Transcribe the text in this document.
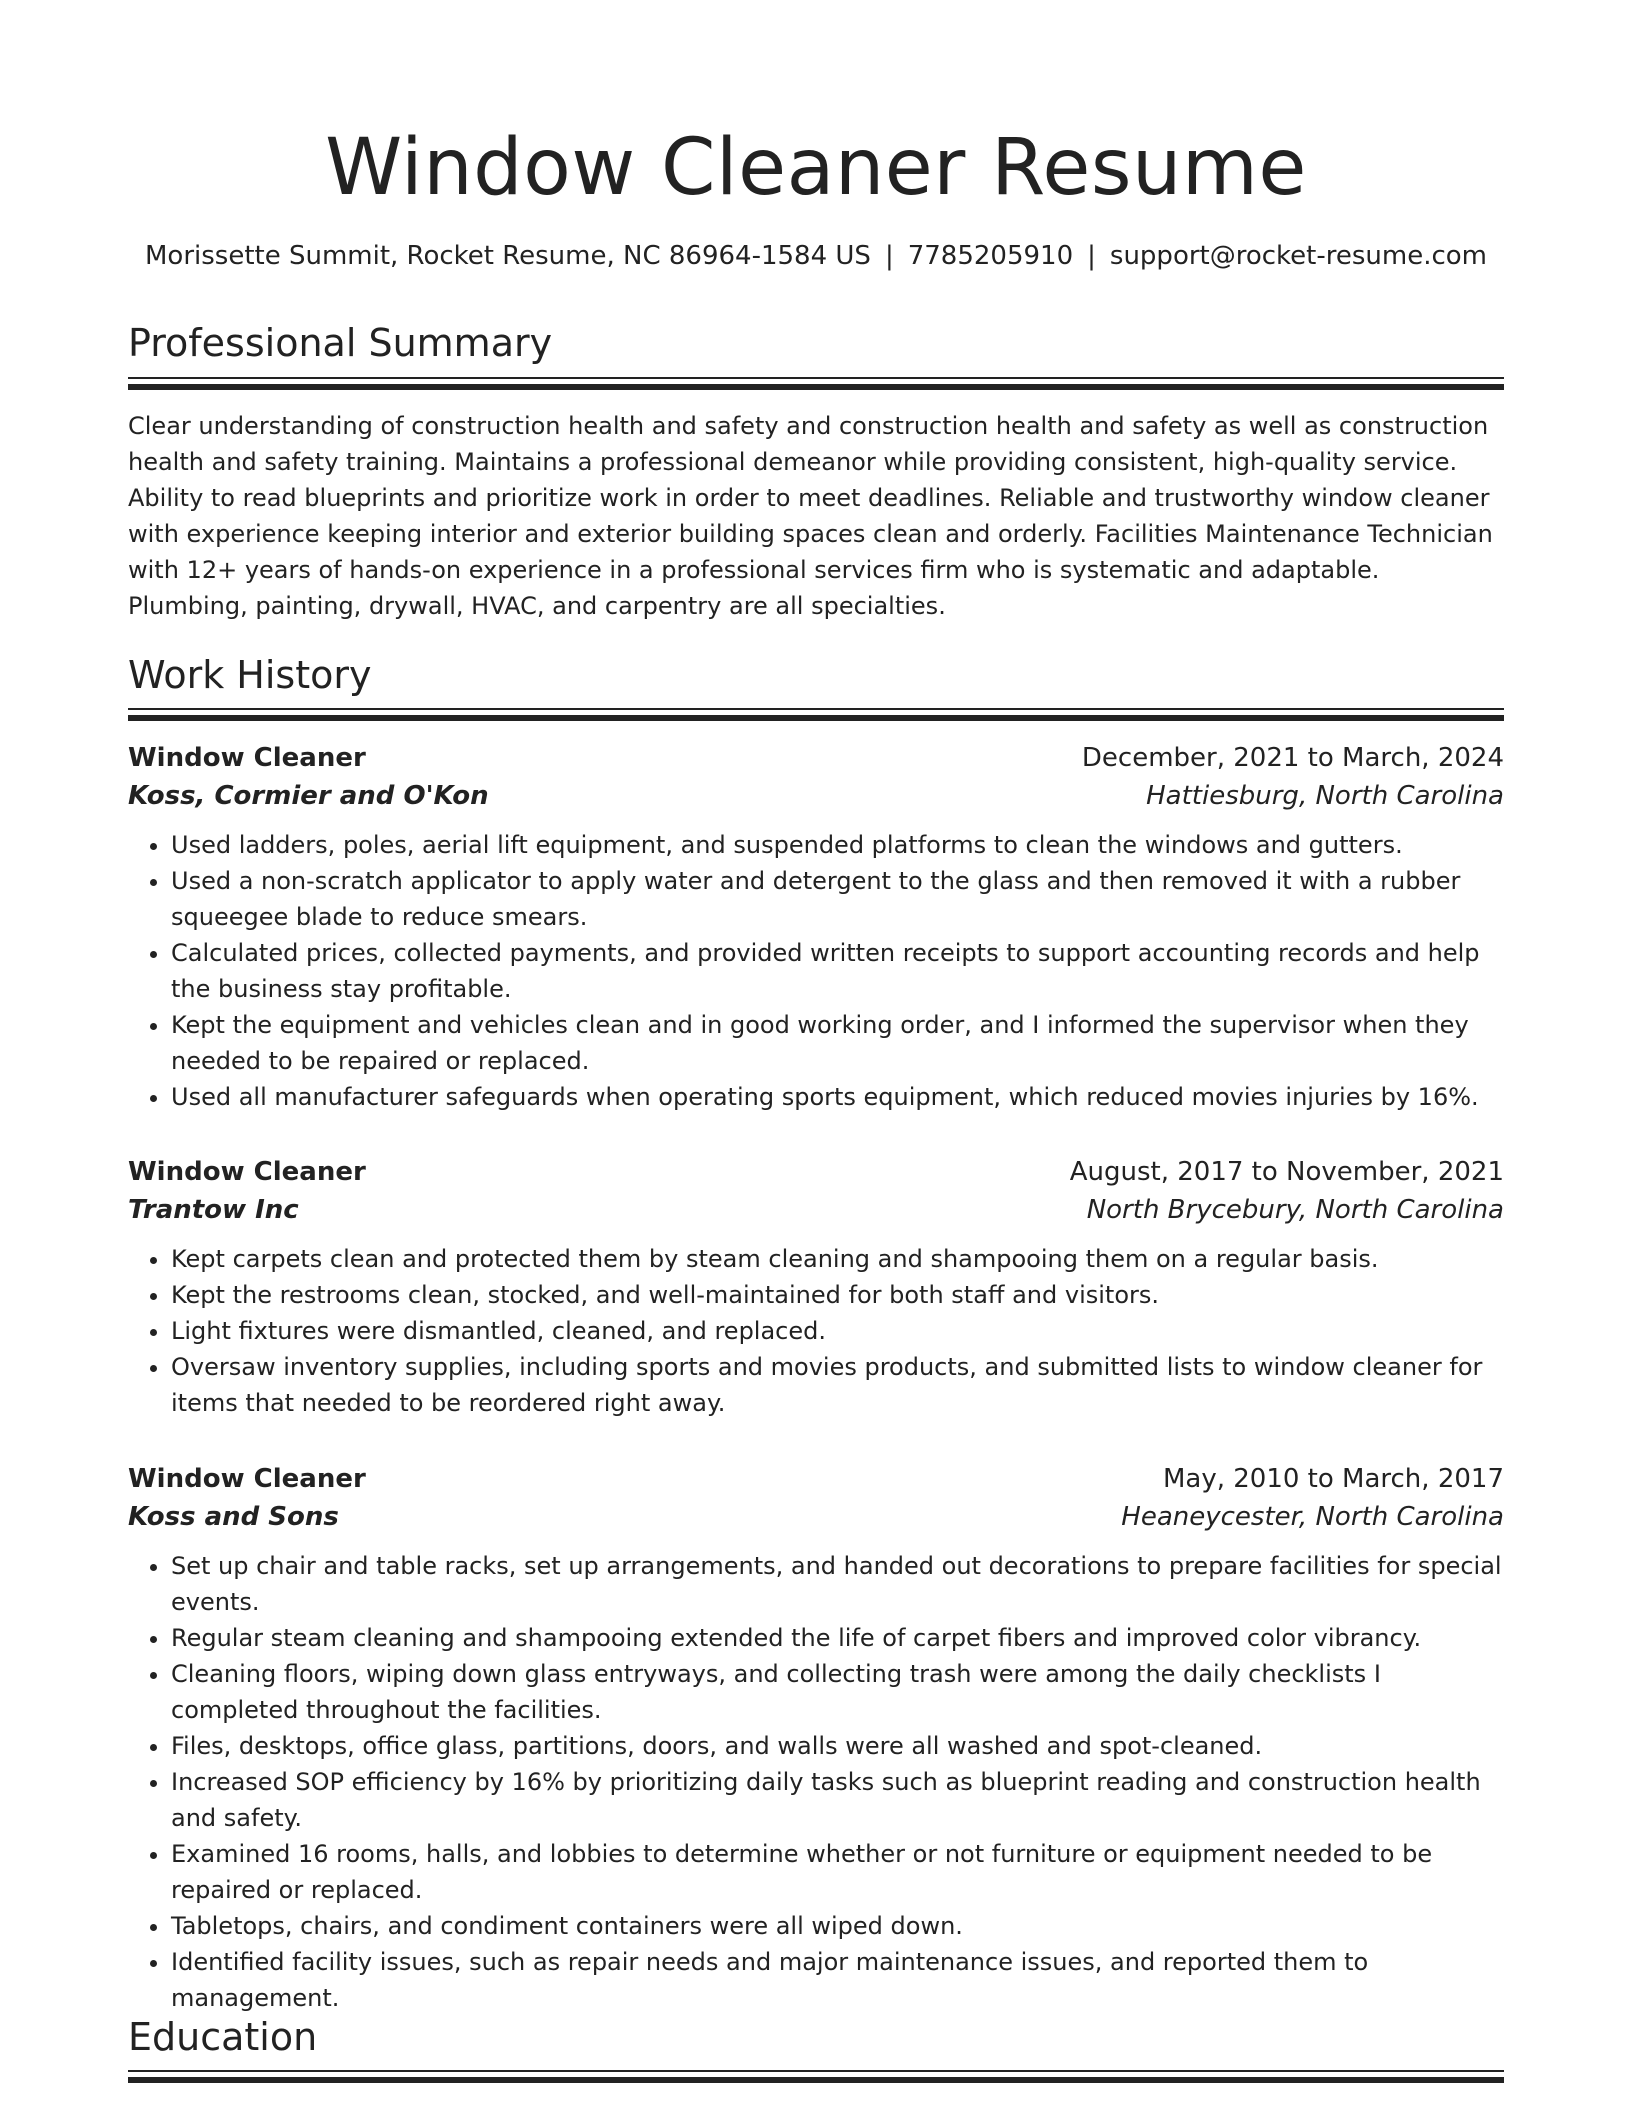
Window Cleaner Resume
Morissette Summit, Rocket Resume, NC 86964-1584 US | 7785205910 | support@rocket-resume.com
Professional Summary

Clear understanding of construction health and safety and construction health and safety as well as construction health and safety training. Maintains a professional demeanor while providing consistent, high-quality service. Ability to read blueprints and prioritize work in order to meet deadlines. Reliable and trustworthy window cleaner with experience keeping interior and exterior building spaces clean and orderly. Facilities Maintenance Technician with 12+ years of hands-on experience in a professional services firm who is systematic and adaptable. Plumbing, painting, drywall, HVAC, and carpentry are all specialties.

Work History
Window Cleaner	December, 2021 to March, 2024
Koss, Cormier and O'Kon	Hattiesburg, North Carolina
• Used ladders, poles, aerial lift equipment, and suspended platforms to clean the windows and gutters.
• Used a non-scratch applicator to apply water and detergent to the glass and then removed it with a rubber squeegee blade to reduce smears.
• Calculated prices, collected payments, and provided written receipts to support accounting records and help the business stay profitable.
• Kept the equipment and vehicles clean and in good working order, and I informed the supervisor when they needed to be repaired or replaced.
• Used all manufacturer safeguards when operating sports equipment, which reduced movies injuries by 16%.
Window Cleaner	August, 2017 to November, 2021
Trantow Inc	North Brycebury, North Carolina
• Kept carpets clean and protected them by steam cleaning and shampooing them on a regular basis.
• Kept the restrooms clean, stocked, and well-maintained for both staff and visitors.
• Light fixtures were dismantled, cleaned, and replaced.
• Oversaw inventory supplies, including sports and movies products, and submitted lists to window cleaner for items that needed to be reordered right away.
Window Cleaner	May, 2010 to March, 2017
Koss and Sons	Heaneycester, North Carolina
• Set up chair and table racks, set up arrangements, and handed out decorations to prepare facilities for special events.
• Regular steam cleaning and shampooing extended the life of carpet fibers and improved color vibrancy.
• Cleaning floors, wiping down glass entryways, and collecting trash were among the daily checklists I completed throughout the facilities.
• Files, desktops, office glass, partitions, doors, and walls were all washed and spot-cleaned.
• Increased SOP efficiency by 16% by prioritizing daily tasks such as blueprint reading and construction health and safety.
• Examined 16 rooms, halls, and lobbies to determine whether or not furniture or equipment needed to be repaired or replaced.
• Tabletops, chairs, and condiment containers were all wiped down.
• Identified facility issues, such as repair needs and major maintenance issues, and reported them to management.
Education
